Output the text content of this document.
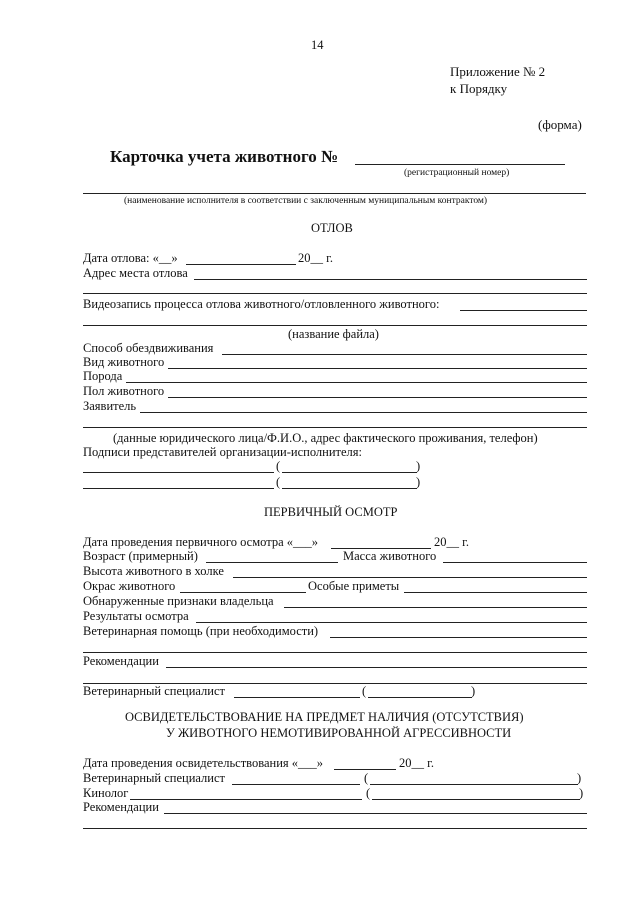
14
Приложение № 2
к Порядку
(форма)
Карточка учета животного №
(регистрационный номер)
(наименование исполнителя в соответствии с заключенным муниципальным контрактом)
ОТЛОВ
Дата отлова: «__»	20__ г.
Адрес места отлова
Видеозапись процесса отлова животного/отловленного животного:
(название файла)
Способ обездвиживания
Вид животного
Порода
Пол животного
Заявитель
(данные юридического лица/Ф.И.О., адрес фактического проживания, телефон)
Подписи представителей организации-исполнителя:
(	)
(	)
ПЕРВИЧНЫЙ ОСМОТР
Дата проведения первичного осмотра «___»	20__ г.
Возраст (примерный)	Масса животного
Высота животного в холке
Окрас животного	Особые приметы
Обнаруженные признаки владельца
Результаты осмотра
Ветеринарная помощь (при необходимости)
Рекомендации
Ветеринарный специалист	(	)
ОСВИДЕТЕЛЬСТВОВАНИЕ НА ПРЕДМЕТ НАЛИЧИЯ (ОТСУТСТВИЯ)
У ЖИВОТНОГО НЕМОТИВИРОВАННОЙ АГРЕССИВНОСТИ
Дата проведения освидетельствования «___»	20__ г.
Ветеринарный специалист	(	)
Кинолог	(	)
Рекомендации
